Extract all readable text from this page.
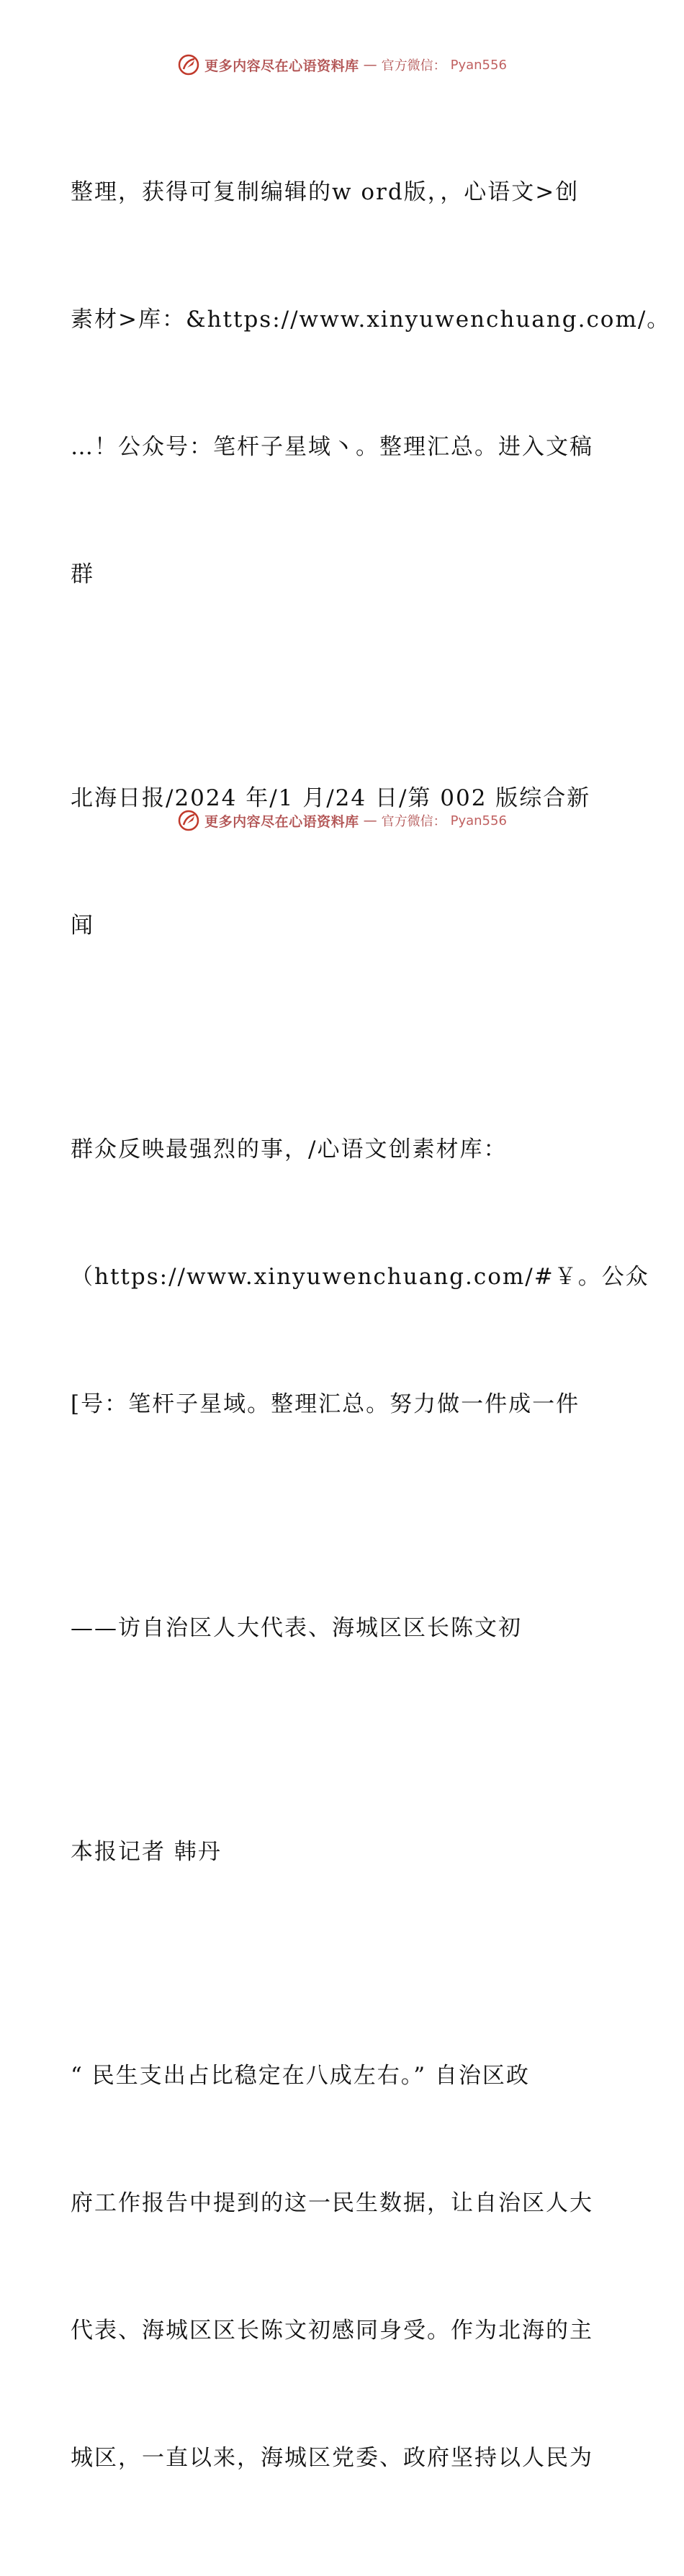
更多内容尽在心语资料库 — 官方微信： Pyan556

整理，获得可复制编辑的w ord版，，心语文>创

素材>库：&https://www.xinyuwenchuang.com/。

…！公众号：笔杆子星域丶。整理汇总。进入文稿

群

北海日报/2024 年/1 月/24 日/第 002 版综合新

闻

群众反映最强烈的事，/心语文创素材库：

（https://www.xinyuwenchuang.com/#￥。公众

[号：笔杆子星域。整理汇总。努力做一件成一件

——访自治区人大代表、海城区区长陈文初

本报记者 韩丹

“ 民生支出占比稳定在八成左右。” 自治区政

府工作报告中提到的这一民生数据，让自治区人大

代表、海城区区长陈文初感同身受。作为北海的主

城区，一直以来，海城区党委、政府坚持以人民为

更多内容尽在心语资料库 — 官方微信： Pyan556
